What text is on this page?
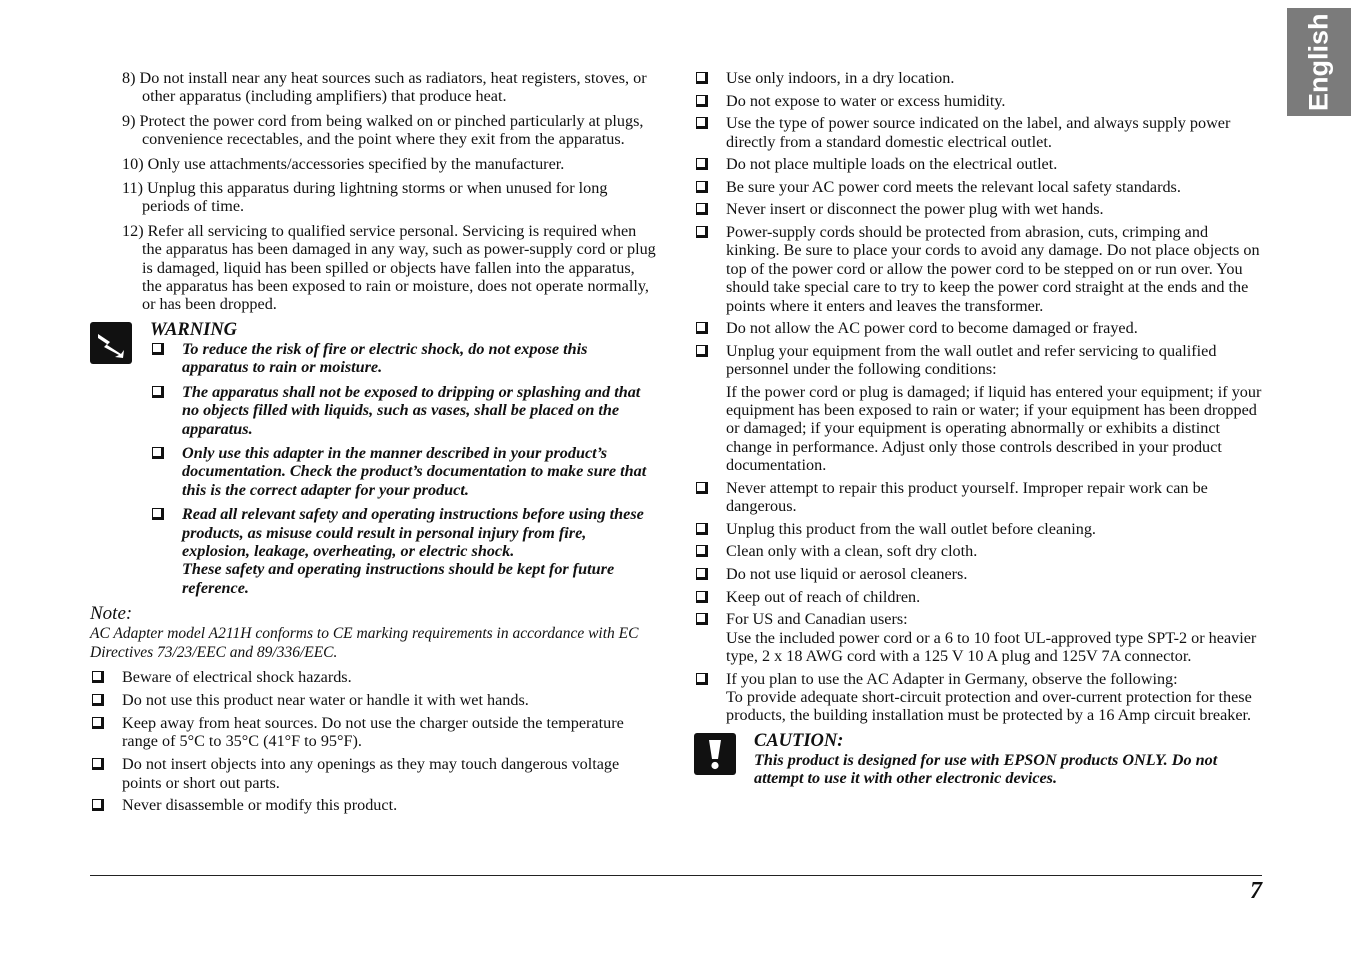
English
8) Do not install near any heat sources such as radiators, heat registers, stoves, or other apparatus (including amplifiers) that produce heat.
9) Protect the power cord from being walked on or pinched particularly at plugs, convenience recectables, and the point where they exit from the apparatus.
10) Only use attachments/accessories specified by the manufacturer.
11) Unplug this apparatus during lightning storms or when unused for long periods of time.
12) Refer all servicing to qualified service personal. Servicing is required when the apparatus has been damaged in any way, such as power-supply cord or plug is damaged, liquid has been spilled or objects have fallen into the apparatus, the apparatus has been exposed to rain or moisture, does not operate normally, or has been dropped.
WARNING
To reduce the risk of fire or electric shock, do not expose this apparatus to rain or moisture.
The apparatus shall not be exposed to dripping or splashing and that no objects filled with liquids, such as vases, shall be placed on the apparatus.
Only use this adapter in the manner described in your product’s documentation. Check the product’s documentation to make sure that this is the correct adapter for your product.
Read all relevant safety and operating instructions before using these products, as misuse could result in personal injury from fire, explosion, leakage, overheating, or electric shock.
These safety and operating instructions should be kept for future reference.
Note:
AC Adapter model A211H conforms to CE marking requirements in accordance with EC Directives 73/23/EEC and 89/336/EEC.
Beware of electrical shock hazards.
Do not use this product near water or handle it with wet hands.
Keep away from heat sources. Do not use the charger outside the temperature range of 5°C to 35°C (41°F to 95°F).
Do not insert objects into any openings as they may touch dangerous voltage points or short out parts.
Never disassemble or modify this product.
Use only indoors, in a dry location.
Do not expose to water or excess humidity.
Use the type of power source indicated on the label, and always supply power directly from a standard domestic electrical outlet.
Do not place multiple loads on the electrical outlet.
Be sure your AC power cord meets the relevant local safety standards.
Never insert or disconnect the power plug with wet hands.
Power-supply cords should be protected from abrasion, cuts, crimping and kinking. Be sure to place your cords to avoid any damage. Do not place objects on top of the power cord or allow the power cord to be stepped on or run over. You should take special care to try to keep the power cord straight at the ends and the points where it enters and leaves the transformer.
Do not allow the AC power cord to become damaged or frayed.
Unplug your equipment from the wall outlet and refer servicing to qualified personnel under the following conditions:
If the power cord or plug is damaged; if liquid has entered your equipment; if your equipment has been exposed to rain or water; if your equipment has been dropped or damaged; if your equipment is operating abnormally or exhibits a distinct change in performance. Adjust only those controls described in your product documentation.
Never attempt to repair this product yourself. Improper repair work can be dangerous.
Unplug this product from the wall outlet before cleaning.
Clean only with a clean, soft dry cloth.
Do not use liquid or aerosol cleaners.
Keep out of reach of children.
For US and Canadian users:
Use the included power cord or a 6 to 10 foot UL-approved type SPT-2 or heavier type, 2 x 18 AWG cord with a 125 V 10 A plug and 125V 7A connector.
If you plan to use the AC Adapter in Germany, observe the following:
To provide adequate short-circuit protection and over-current protection for these products, the building installation must be protected by a 16 Amp circuit breaker.
CAUTION:
This product is designed for use with EPSON products ONLY. Do not attempt to use it with other electronic devices.
7
